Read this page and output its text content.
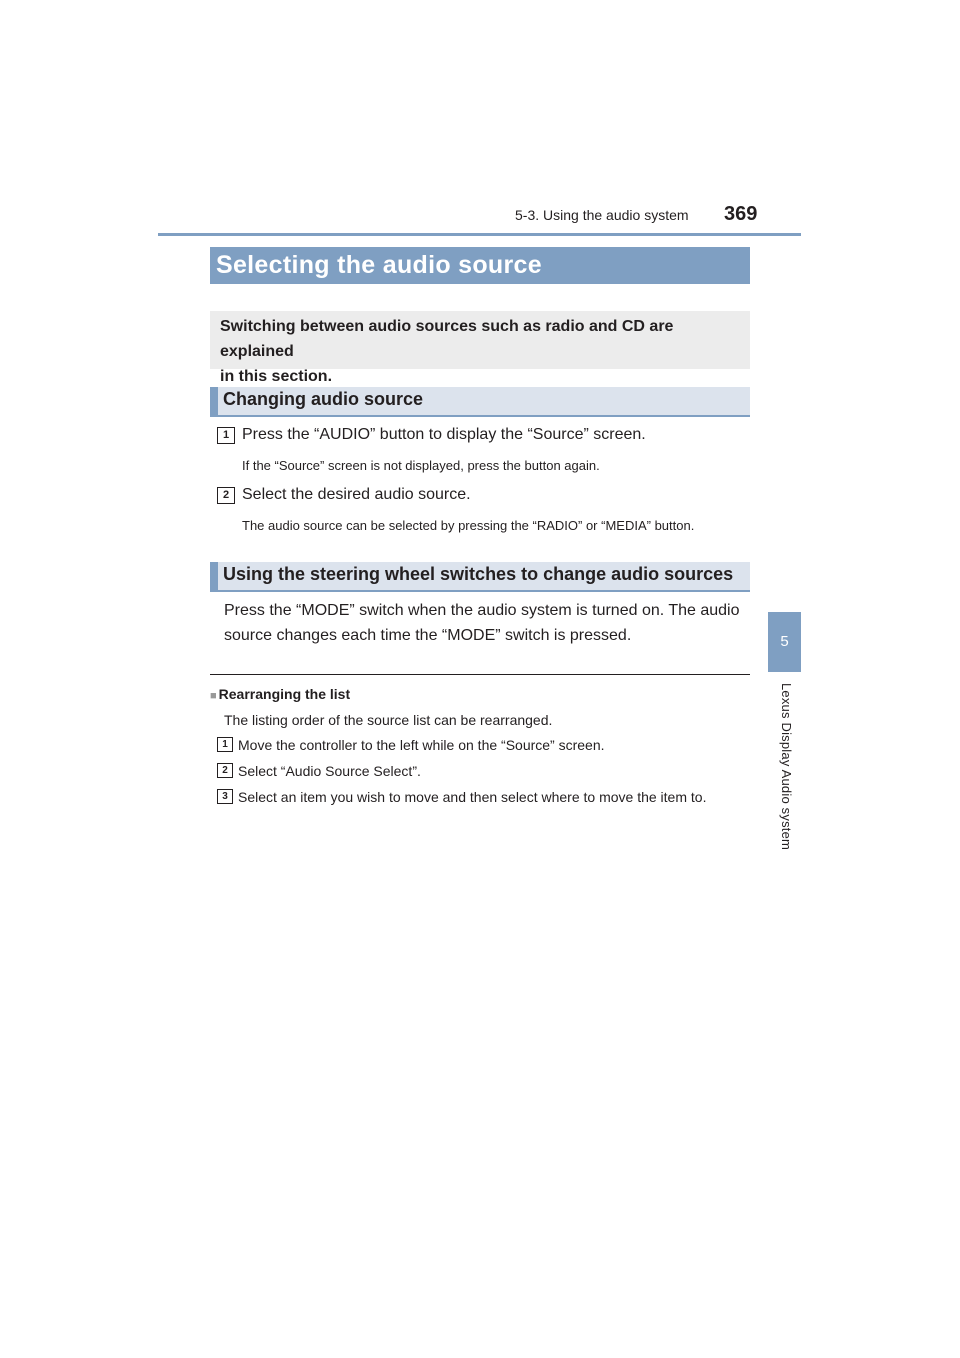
5-3. Using the audio system 369
5
Lexus Display Audio system
Selecting the audio source
Switching between audio sources such as radio and CD are explained
in this section.
Changing audio source
1 Press the “AUDIO” button to display the “Source” screen.
If the “Source” screen is not displayed, press the button again.
2 Select the desired audio source.
The audio source can be selected by pressing the “RADIO” or “MEDIA” button.
Using the steering wheel switches to change audio sources
Press the “MODE” switch when the audio system is turned on. The audio
source changes each time the “MODE” switch is pressed.
■ Rearranging the list
The listing order of the source list can be rearranged.
1 Move the controller to the left while on the “Source” screen.
2 Select “Audio Source Select”.
3 Select an item you wish to move and then select where to move the item to.
